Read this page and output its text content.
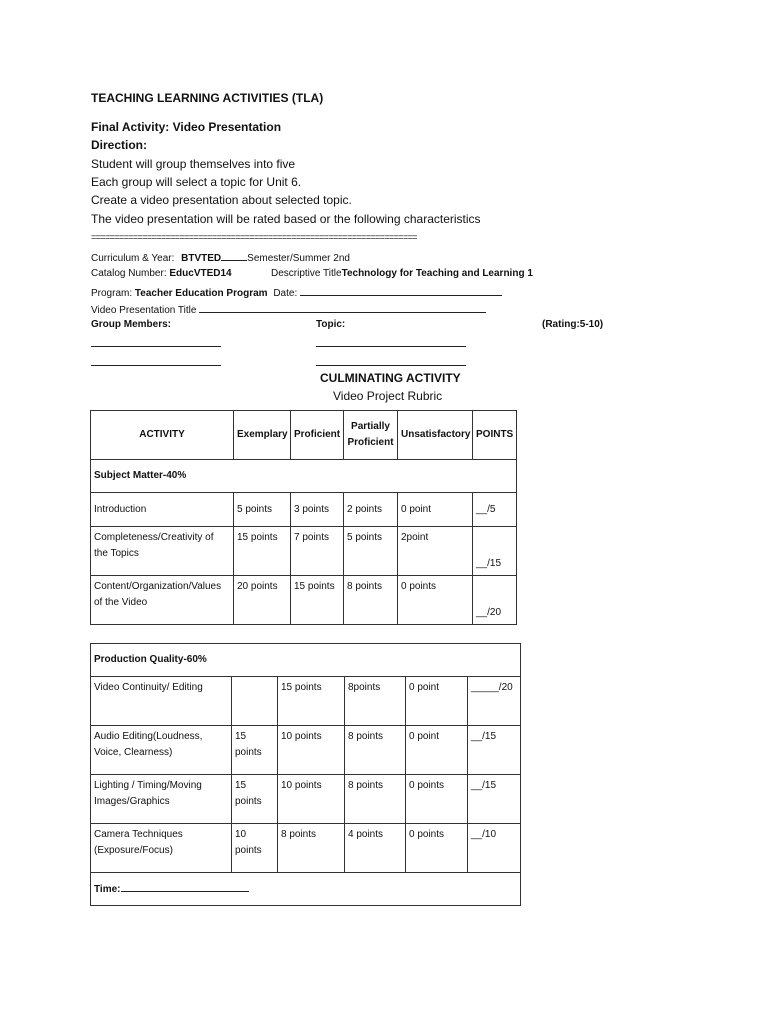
TEACHING LEARNING ACTIVITIES (TLA)
Final Activity: Video Presentation
Direction:
Student will group themselves into five
Each group will select a topic for Unit 6.
Create a video presentation about selected topic.
The video presentation will be rated based or the following characteristics
======================================================================
Curriculum & Year: BTVTED	Semester/Summer 2nd
Catalog Number: EducVTED14	Descriptive TitleTechnology for Teaching and Learning 1
Program: Teacher Education Program Date:
Video Presentation Title
Group Members:	Topic:	(Rating:5-10)
CULMINATING ACTIVITY
Video Project Rubric
ACTIVITY	Exemplary	Proficient	Partially Proficient	Unsatisfactory	POINTS
Subject Matter-40%					
Introduction	5 points	3 points	2 points	0 point	__/5
Completeness/Creativity of the Topics	15 points	7 points	5 points	2point	__/15
Content/Organization/Values of the Video	20 points	15 points	8 points	0 points	__/20
Production Quality-60%					
Video Continuity/ Editing		15 points	8points	0 point	_____/20
Audio Editing(Loudness, Voice, Clearness)	15 points	10 points	8 points	0 point	__/15
Lighting / Timing/Moving Images/Graphics	15 points	10 points	8 points	0 points	__/15
Camera Techniques (Exposure/Focus)	10 points	8 points	4 points	0 points	__/10
Time:					
